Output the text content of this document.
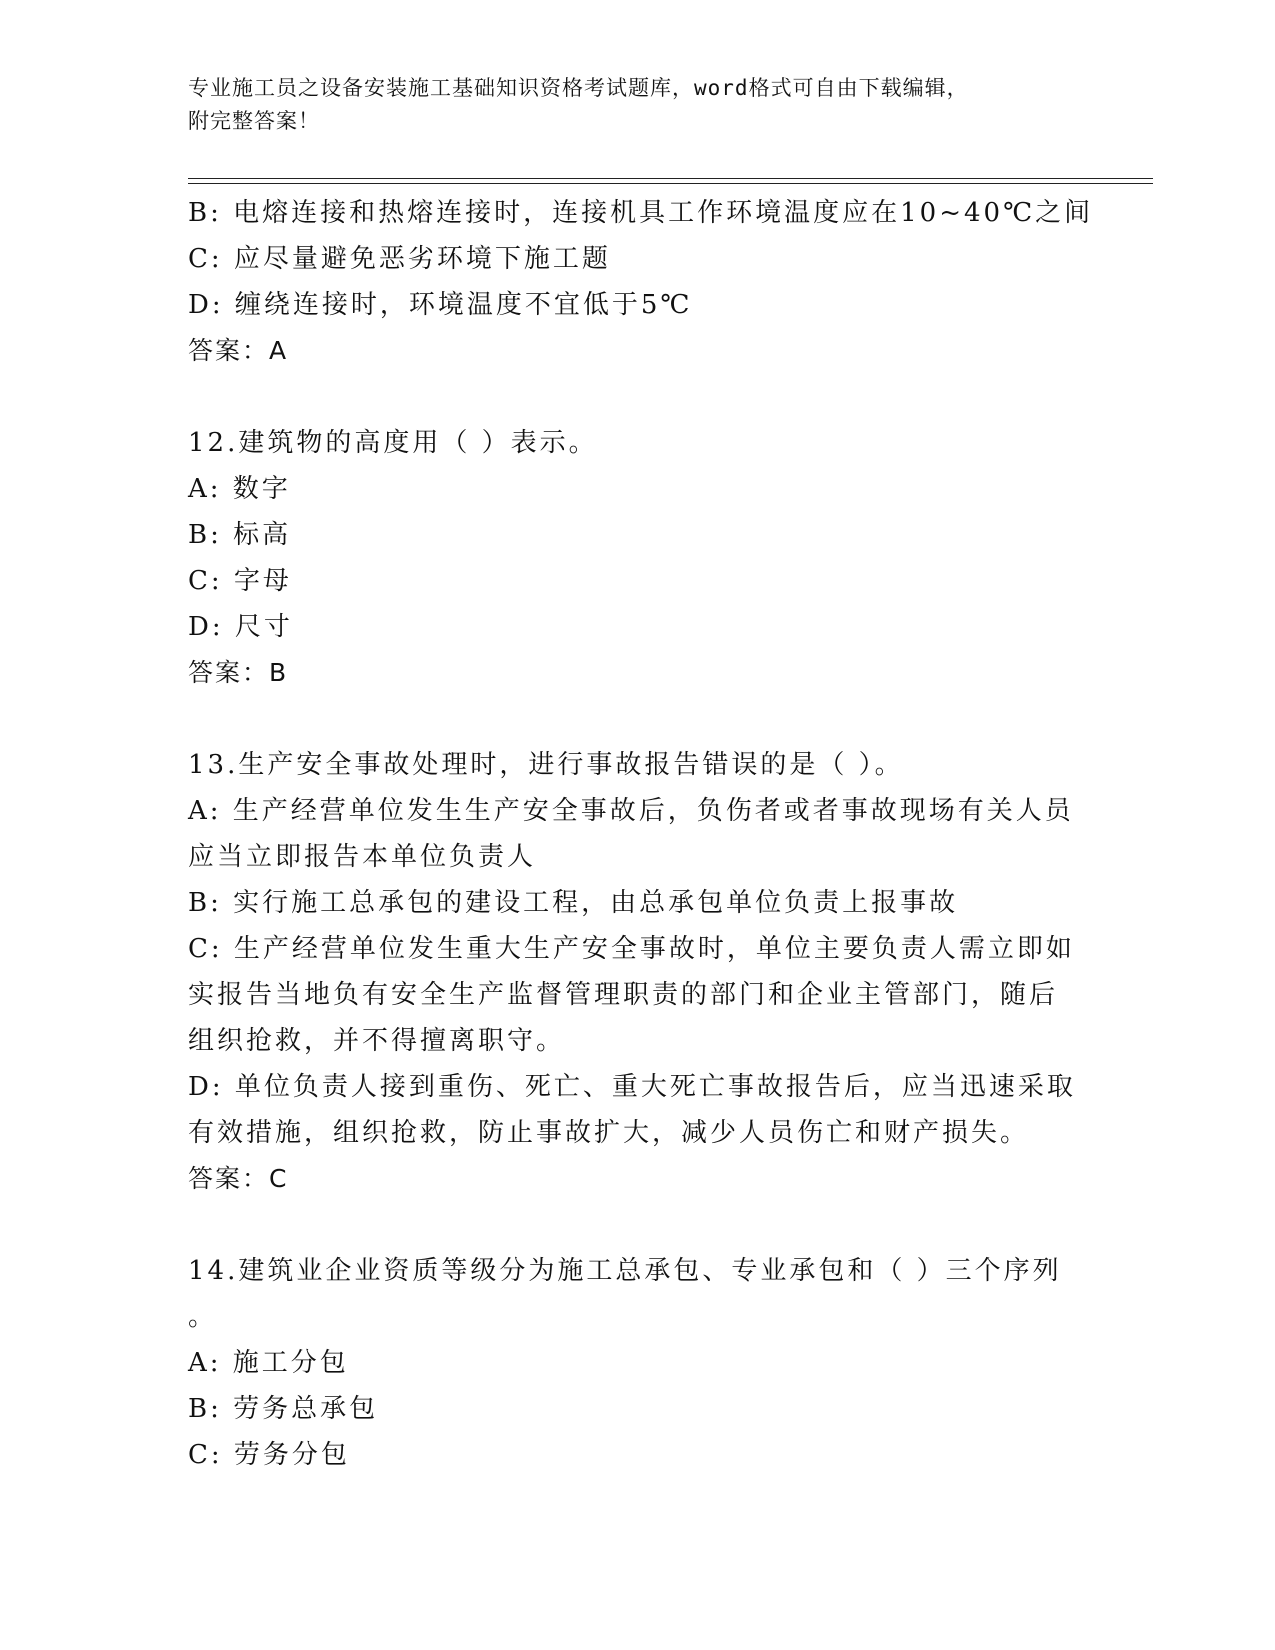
专业施工员之设备安装施工基础知识资格考试题库，word格式可自由下载编辑，
附完整答案！
B: 电熔连接和热熔连接时，连接机具工作环境温度应在10~40℃之间
C: 应尽量避免恶劣环境下施工题
D: 缠绕连接时，环境温度不宜低于5℃
答案：A
12.建筑物的高度用（ ）表示。
A: 数字
B: 标高
C: 字母
D: 尺寸
答案：B
13.生产安全事故处理时，进行事故报告错误的是（ ）。
A: 生产经营单位发生生产安全事故后，负伤者或者事故现场有关人员
应当立即报告本单位负责人
B: 实行施工总承包的建设工程，由总承包单位负责上报事故
C: 生产经营单位发生重大生产安全事故时，单位主要负责人需立即如
实报告当地负有安全生产监督管理职责的部门和企业主管部门，随后
组织抢救，并不得擅离职守。
D: 单位负责人接到重伤、死亡、重大死亡事故报告后，应当迅速采取
有效措施，组织抢救，防止事故扩大，减少人员伤亡和财产损失。
答案：C
14.建筑业企业资质等级分为施工总承包、专业承包和（ ）三个序列
。
A: 施工分包
B: 劳务总承包
C: 劳务分包
